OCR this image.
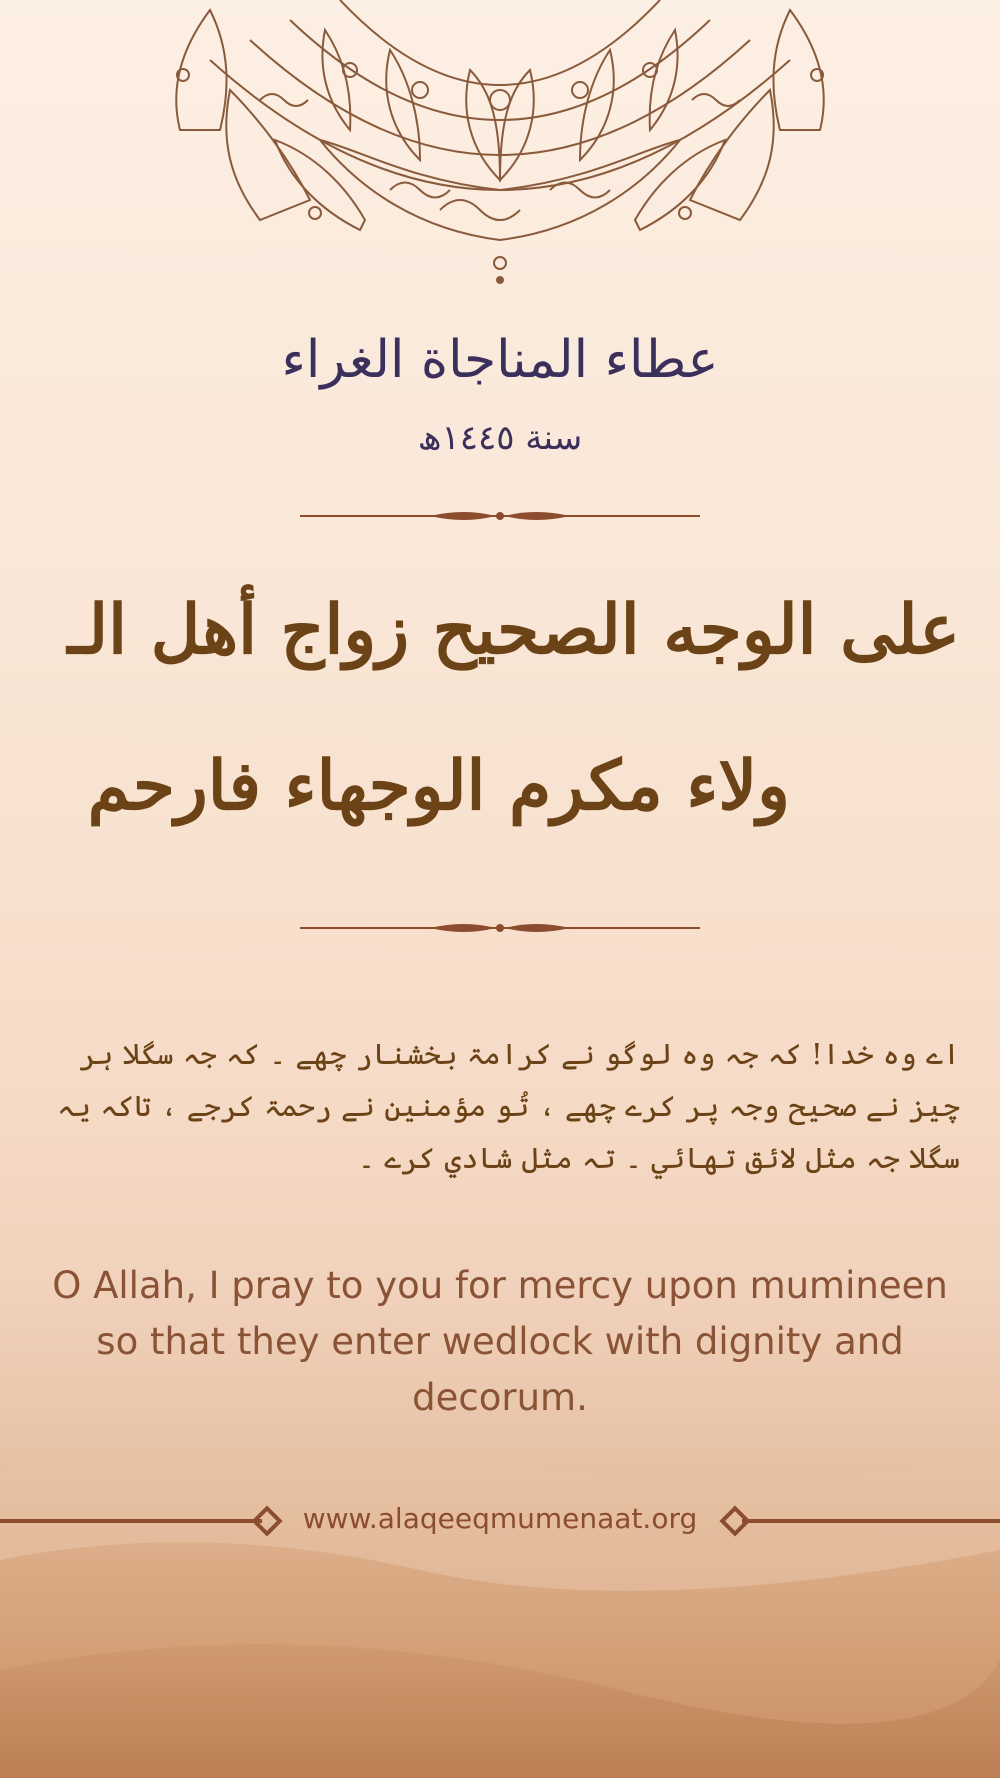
عطاء المناجاة الغراء
سنة ١٤٤٥ھ
على الوجه الصحيح زواج أهل الـ
ولاء مكرم الوجهاء فارحم
اے وہ خدا! کہ جہ وہ لوگو نے کرامۃ بخشنار چھے ۔ کہ جہ سگلا ہر چیز نے صحیح وجہ پر کرے چھے ، تُو مؤمنین نے رحمۃ کرجے ، تاکہ یہ سگلا جہ مثل لائق تھائي ۔ تہ مثل شادي کرے ۔
O Allah, I pray to you for mercy upon mumineen so that they enter wedlock with dignity and decorum.
www.alaqeeqmumenaat.org
